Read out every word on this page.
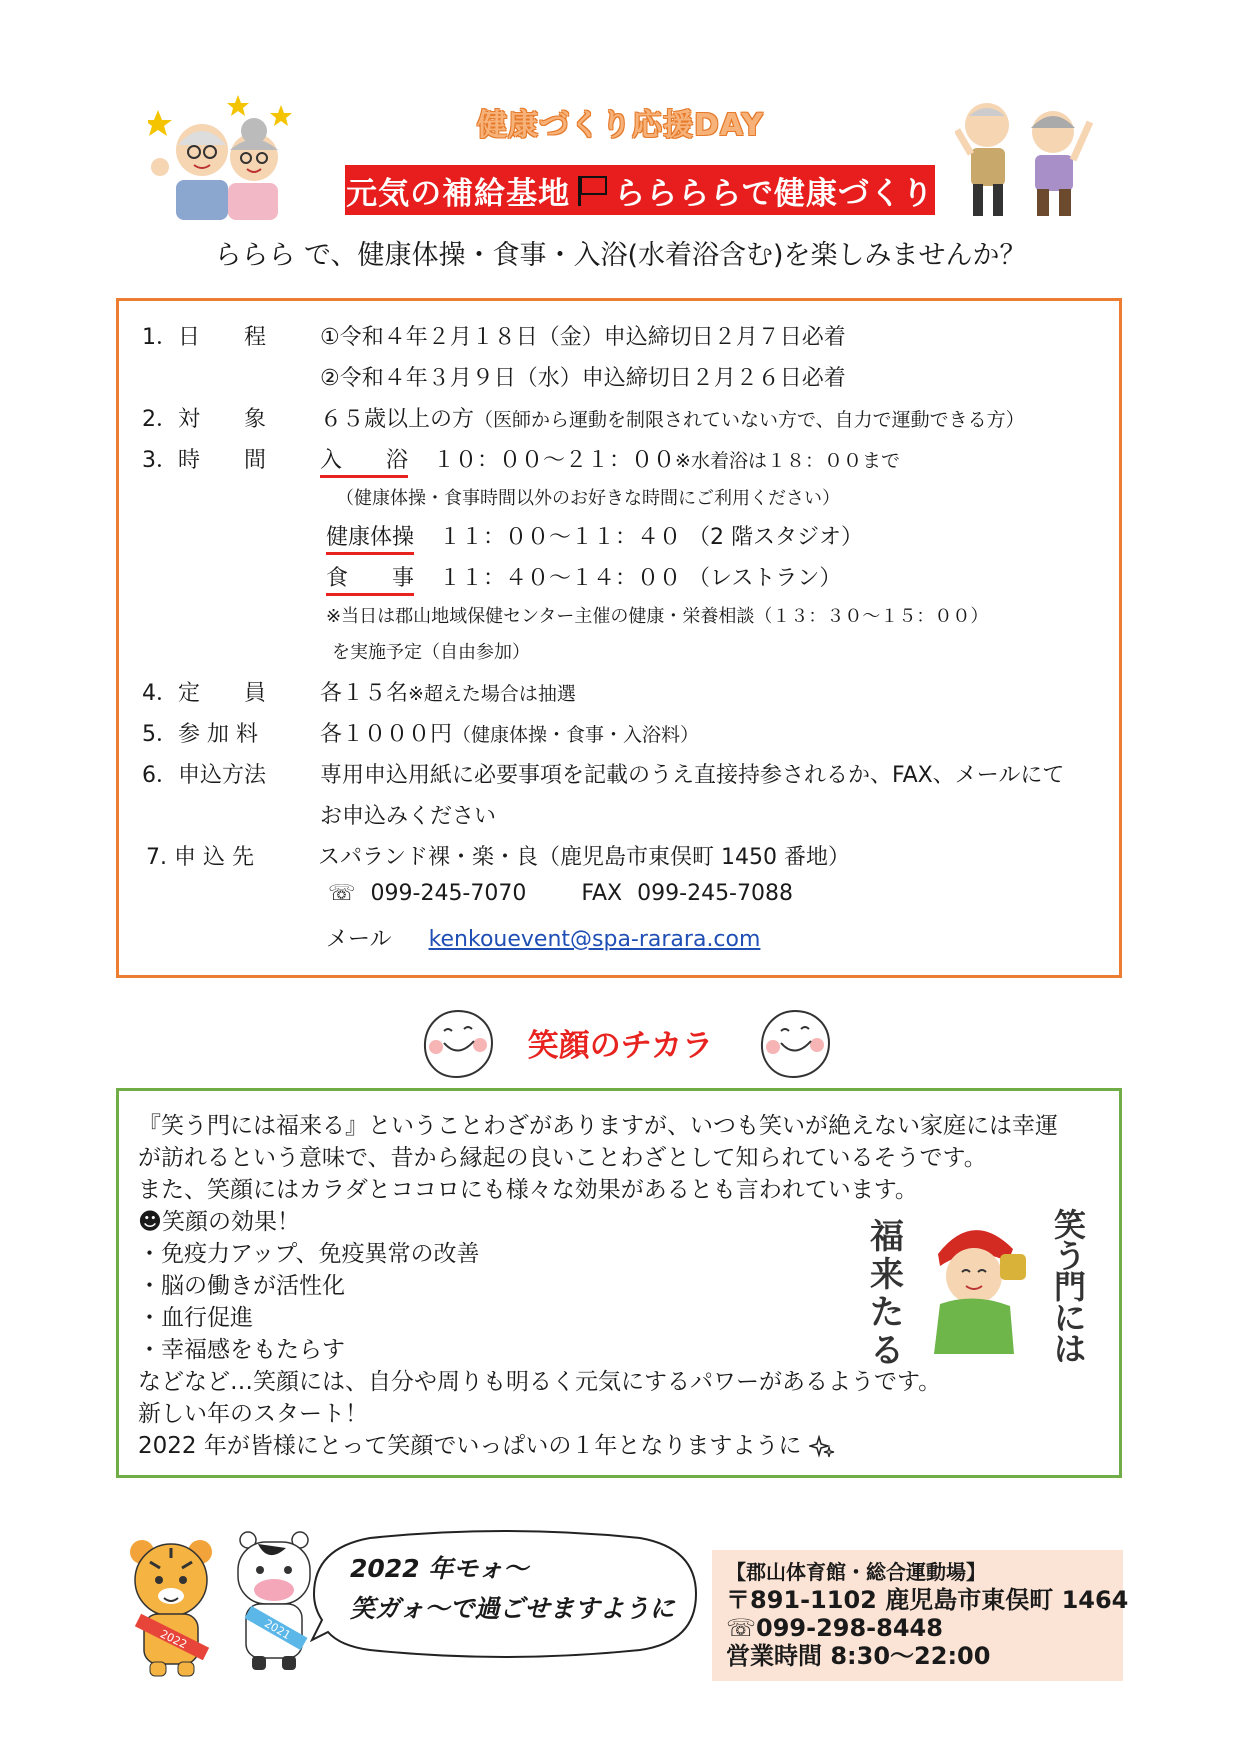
健康づくり応援DAY
元気の補給基地 ららららで健康づくり
ららら で、健康体操・食事・入浴(水着浴含む)を楽しみませんか？
1．日　　程 ①令和４年２月１８日（金）申込締切日２月７日必着
②令和４年３月９日（水）申込締切日２月２６日必着
2．対　　象 ６５歳以上の方（医師から運動を制限されていない方で、自力で運動できる方）
3．時　　間 入　　浴 １０：００～２１：００※水着浴は１８：００まで
（健康体操・食事時間以外のお好きな時間にご利用ください）
健康体操 １１：００～１１：４０ （2 階スタジオ）
食　　事 １１：４０～１４：００ （レストラン）
※当日は郡山地域保健センター主催の健康・栄養相談（１３：３０～１５：００）
を実施予定（自由参加）
4．定　　員 各１５名※超えた場合は抽選
5．参 加 料	各１０００円（健康体操・食事・入浴料）
6．申込方法 専用申込用紙に必要事項を記載のうえ直接持参されるか、FAX、メールにて
お申込みください
7. 申 込 先	スパランド裸・楽・良（鹿児島市東俣町 1450 番地）
☏ 099-245-7070	FAX 099-245-7088
メール kenkouevent@spa-rarara.com
笑顔のチカラ
『笑う門には福来る』ということわざがありますが、いつも笑いが絶えない家庭には幸運
が訪れるという意味で、昔から縁起の良いことわざとして知られているそうです。
また、笑顔にはカラダとココロにも様々な効果があるとも言われています。
☻笑顔の効果！
・免疫力アップ、免疫異常の改善
・脳の働きが活性化
・血行促進
・幸福感をもたらす
などなど…笑顔には、自分や周りも明るく元気にするパワーがあるようです。
新しい年のスタート！
2022 年が皆様にとって笑顔でいっぱいの１年となりますように
福来たる
笑う門には
2022	2021
2022 年モォ～
笑ガォ～で過ごせますように
【郡山体育館・総合運動場】
〒891-1102 鹿児島市東俣町 1464
☏099-298-8448
営業時間 8:30～22:00
